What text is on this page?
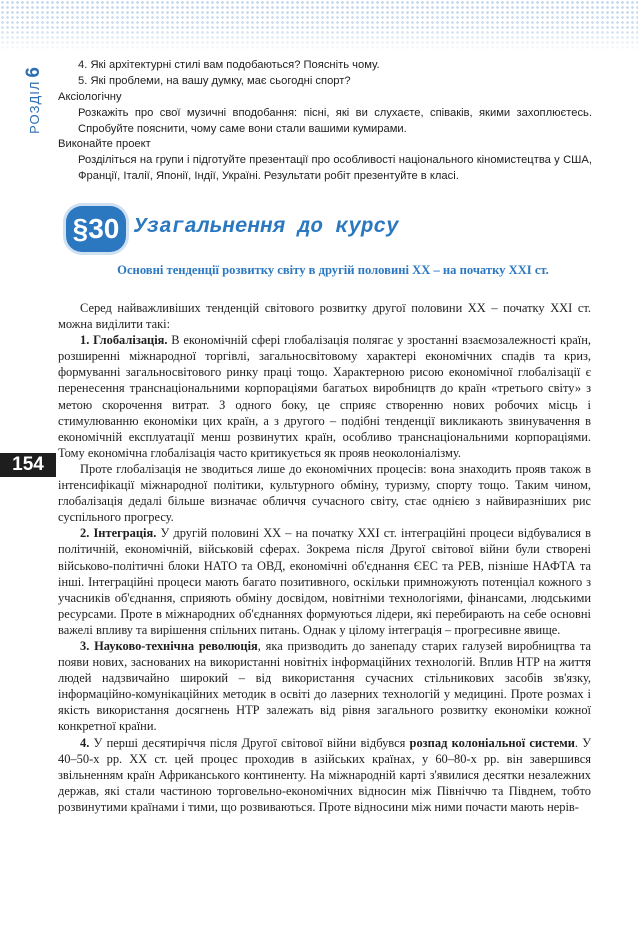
РОЗДІЛ6
4. Які архітектурні стилі вам подобаються? Поясніть чому.
5. Які проблеми, на вашу думку, має сьогодні спорт?
Аксіологічну
Розкажіть про свої музичні вподобання: пісні, які ви слухаєте, співаків, якими захоплюєтесь. Спробуйте пояснити, чому саме вони стали вашими кумирами.
Виконайте проект
Розділіться на групи і підготуйте презентації про особливості національного кіномистецтва у США, Франції, Італії, Японії, Індії, Україні. Результати робіт презентуйте в класі.
§30 Узагальнення до курсу
Основні тенденції розвитку світу в другій половині XX – на початку XXI ст.
154

Серед найважливіших тенденцій світового розвитку другої половини ХХ – початку ХХІ ст. можна виділити такі:

1. Глобалізація. В економічній сфері глобалізація полягає у зростанні взаємозалежності країн, розширенні міжнародної торгівлі, загальносвітовому характері економічних спадів та криз, формуванні загальносвітового ринку праці тощо. Характерною рисою економічної глобалізації є перенесення транснаціональними корпораціями багатьох виробництв до країн «третього світу» з метою скорочення витрат. З одного боку, це сприяє створенню нових робочих місць і стимулюванню економіки цих країн, а з другого – подібні тенденції викликають звинувачення в економічній експлуатації менш розвинутих країн, особливо транснаціональними корпораціями. Тому економічна глобалізація часто критикується як прояв неоколоніалізму.

Проте глобалізація не зводиться лише до економічних процесів: вона знаходить прояв також в інтенсифікації міжнародної політики, культурного обміну, туризму, спорту тощо. Таким чином, глобалізація дедалі більше визначає обличчя сучасного світу, стає однією з найвиразніших рис суспільного прогресу.

2. Інтеграція. У другій половині ХХ – на початку ХХІ ст. інтеграційні процеси відбувалися в політичній, економічній, військовій сферах. Зокрема після Другої світової війни були створені військово-політичні блоки НАТО та ОВД, економічні об'єднання ЄЕС та РЕВ, пізніше НАФТА та інші. Інтеграційні процеси мають багато позитивного, оскільки примножують потенціал кожного з учасників об'єднання, сприяють обміну досвідом, новітніми технологіями, фінансами, людськими ресурсами. Проте в міжнародних об'єднаннях формуються лідери, які перебирають на себе основні важелі впливу та вирішення спільних питань. Однак у цілому інтеграція – прогресивне явище.

3. Науково-технічна революція, яка призводить до занепаду старих галузей виробництва та появи нових, заснованих на використанні новітніх інформаційних технологій. Вплив НТР на життя людей надзвичайно широкий – від використання сучасних стільникових засобів зв'язку, інформаційно-комунікаційних методик в освіті до лазерних технологій у медицині. Проте розмах і якість використання досягнень НТР залежать від рівня загального розвитку економіки кожної конкретної країни.

4. У перші десятиріччя після Другої світової війни відбувся розпад колоніальної системи. У 40–50-х рр. ХХ ст. цей процес проходив в азійських країнах, у 60–80-х рр. він завершився звільненням країн Африканського континенту. На міжнародній карті з'явилися десятки незалежних держав, які стали частиною торговельно-економічних відносин між Північчю та Півднем, тобто розвинутими країнами і тими, що розвиваються. Проте відносини між ними почасти мають нерів-
